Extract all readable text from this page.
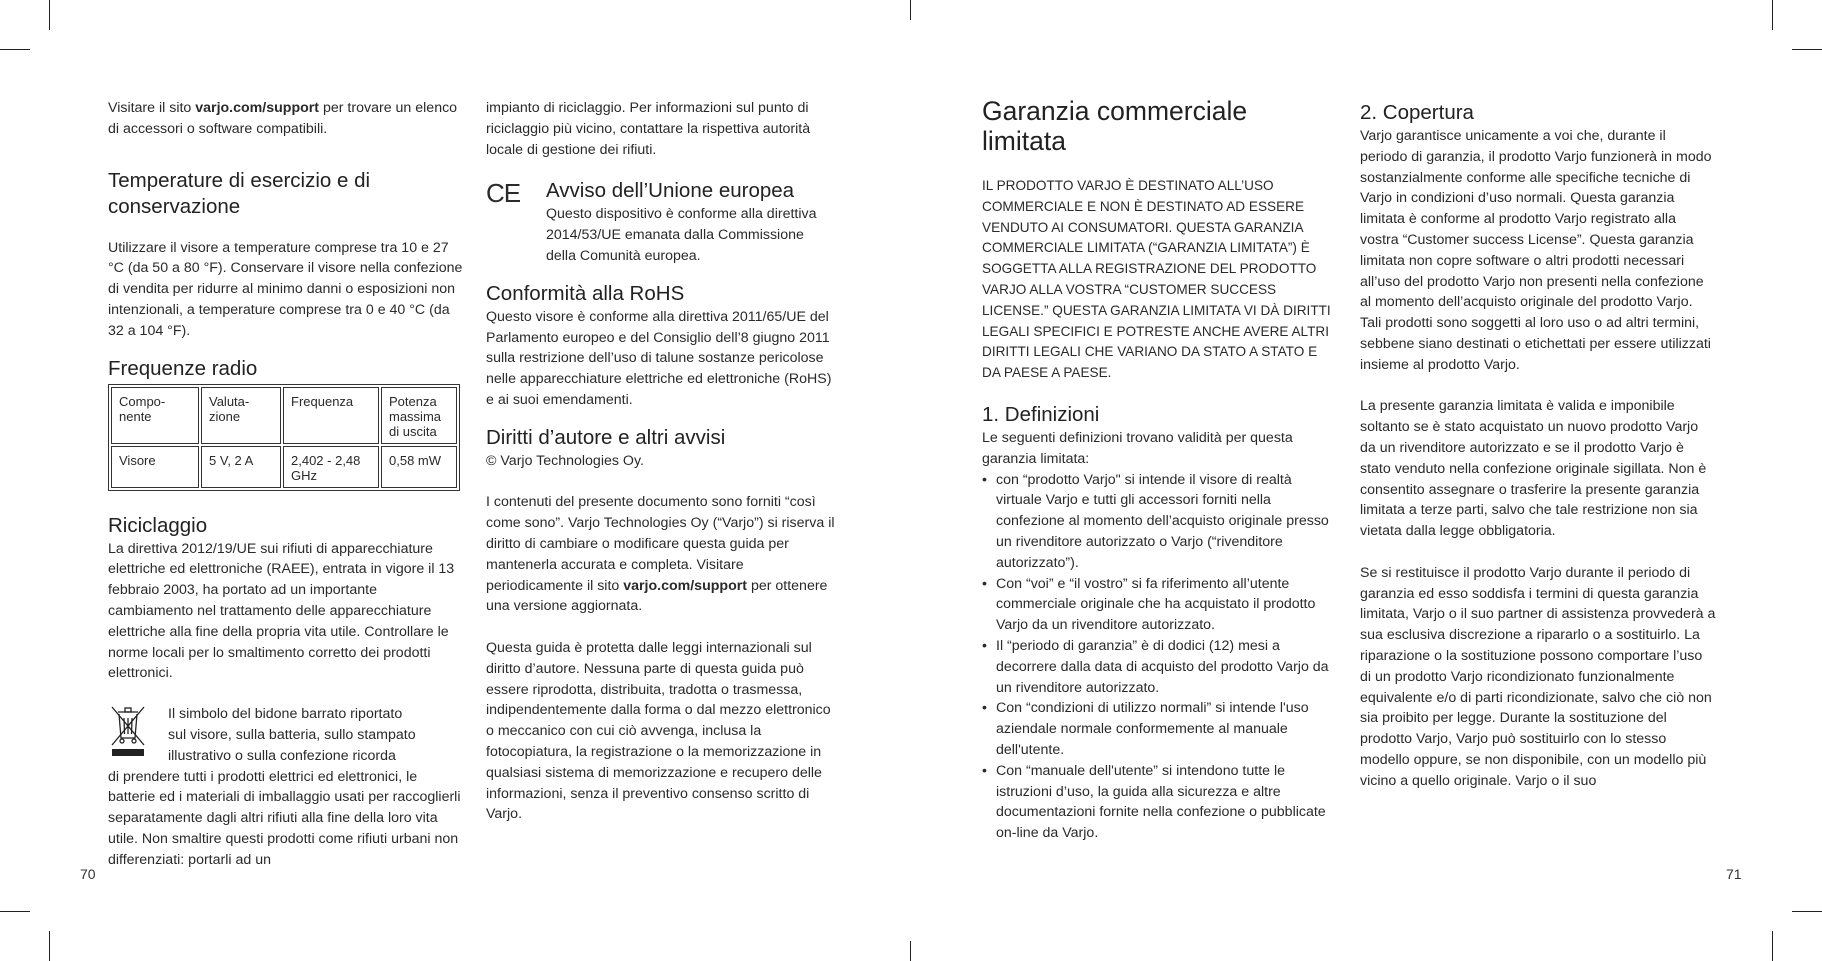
Visitare il sito varjo.com/support per trovare un elenco di accessori o software compatibili.

Temperature di esercizio e di conservazione

Utilizzare il visore a temperature comprese tra 10 e 27 °C (da 50 a 80 °F). Conservare il visore nella confezione di vendita per ridurre al minimo danni o esposizioni non intenzionali, a temperature comprese tra 0 e 40 °C (da 32 a 104 °F).

Frequenze radio
Compo-nente	Valuta-zione	Frequenza	Potenza massima di uscita
Visore	5 V, 2 A	2,402 - 2,48 GHz	0,58 mW
Riciclaggio

La direttiva 2012/19/UE sui rifiuti di apparecchiature elettriche ed elettroniche (RAEE), entrata in vigore il 13 febbraio 2003, ha portato ad un importante cambiamento nel trattamento delle apparecchiature elettriche alla fine della propria vita utile. Controllare le norme locali per lo smaltimento corretto dei prodotti elettronici.

Il simbolo del bidone barrato riportato

sul visore, sulla batteria, sullo stampato

illustrativo o sulla confezione ricorda

di prendere tutti i prodotti elettrici ed elettronici, le batterie ed i materiali di imballaggio usati per raccoglierli separatamente dagli altri rifiuti alla fine della loro vita utile. Non smaltire questi prodotti come rifiuti urbani non differenziati: portarli ad un

impianto di riciclaggio. Per informazioni sul punto di riciclaggio più vicino, contattare la rispettiva autorità locale di gestione dei rifiuti.

CE	Avviso dell’Unione europea

Questo dispositivo è conforme alla direttiva 2014/53/UE emanata dalla Commissione della Comunità europea.

Conformità alla RoHS

Questo visore è conforme alla direttiva 2011/65/UE del Parlamento europeo e del Consiglio dell’8 giugno 2011 sulla restrizione dell’uso di talune sostanze pericolose nelle apparecchiature elettriche ed elettroniche (RoHS) e ai suoi emendamenti.

Diritti d’autore e altri avvisi

© Varjo Technologies Oy.

I contenuti del presente documento sono forniti “così come sono”. Varjo Technologies Oy (“Varjo”) si riserva il diritto di cambiare o modificare questa guida per mantenerla accurata e completa. Visitare periodicamente il sito varjo.com/support per ottenere una versione aggiornata.

Questa guida è protetta dalle leggi internazionali sul diritto d’autore. Nessuna parte di questa guida può essere riprodotta, distribuita, tradotta o trasmessa, indipendentemente dalla forma o dal mezzo elettronico o meccanico con cui ciò avvenga, inclusa la fotocopiatura, la registrazione o la memorizzazione in qualsiasi sistema di memorizzazione e recupero delle informazioni, senza il preventivo consenso scritto di Varjo.

Garanzia commerciale limitata

IL PRODOTTO VARJO È DESTINATO ALL’USO COMMERCIALE E NON È DESTINATO AD ESSERE VENDUTO AI CONSUMATORI. QUESTA GARANZIA COMMERCIALE LIMITATA (“GARANZIA LIMITATA”) È SOGGETTA ALLA REGISTRAZIONE DEL PRODOTTO VARJO ALLA VOSTRA “CUSTOMER SUCCESS LICENSE.” QUESTA GARANZIA LIMITATA VI DÀ DIRITTI LEGALI SPECIFICI E POTRESTE ANCHE AVERE ALTRI DIRITTI LEGALI CHE VARIANO DA STATO A STATO E DA PAESE A PAESE.

1. Definizioni

Le seguenti definizioni trovano validità per questa garanzia limitata:

• con “prodotto Varjo" si intende il visore di realtà virtuale Varjo e tutti gli accessori forniti nella confezione al momento dell’acquisto originale presso un rivenditore autorizzato o Varjo (“rivenditore autorizzato”).
• Con “voi” e “il vostro” si fa riferimento all’utente commerciale originale che ha acquistato il prodotto Varjo da un rivenditore autorizzato.
• Il “periodo di garanzia” è di dodici (12) mesi a decorrere dalla data di acquisto del prodotto Varjo da un rivenditore autorizzato.
• Con “condizioni di utilizzo normali” si intende l'uso aziendale normale conformemente al manuale dell'utente.
• Con “manuale dell'utente” si intendono tutte le istruzioni d’uso, la guida alla sicurezza e altre documentazioni fornite nella confezione o pubblicate on-line da Varjo.
2. Copertura

Varjo garantisce unicamente a voi che, durante il periodo di garanzia, il prodotto Varjo funzionerà in modo sostanzialmente conforme alle specifiche tecniche di Varjo in condizioni d’uso normali. Questa garanzia limitata è conforme al prodotto Varjo registrato alla vostra “Customer success License”. Questa garanzia limitata non copre software o altri prodotti necessari all’uso del prodotto Varjo non presenti nella confezione al momento dell’acquisto originale del prodotto Varjo. Tali prodotti sono soggetti al loro uso o ad altri termini, sebbene siano destinati o etichettati per essere utilizzati insieme al prodotto Varjo.

La presente garanzia limitata è valida e imponibile soltanto se è stato acquistato un nuovo prodotto Varjo da un rivenditore autorizzato e se il prodotto Varjo è stato venduto nella confezione originale sigillata. Non è consentito assegnare o trasferire la presente garanzia limitata a terze parti, salvo che tale restrizione non sia vietata dalla legge obbligatoria.

Se si restituisce il prodotto Varjo durante il periodo di garanzia ed esso soddisfa i termini di questa garanzia limitata, Varjo o il suo partner di assistenza provvederà a sua esclusiva discrezione a ripararlo o a sostituirlo. La riparazione o la sostituzione possono comportare l’uso di un prodotto Varjo ricondizionato funzionalmente equivalente e/o di parti ricondizionate, salvo che ciò non sia proibito per legge. Durante la sostituzione del prodotto Varjo, Varjo può sostituirlo con lo stesso modello oppure, se non disponibile, con un modello più vicino a quello originale. Varjo o il suo

70	71
